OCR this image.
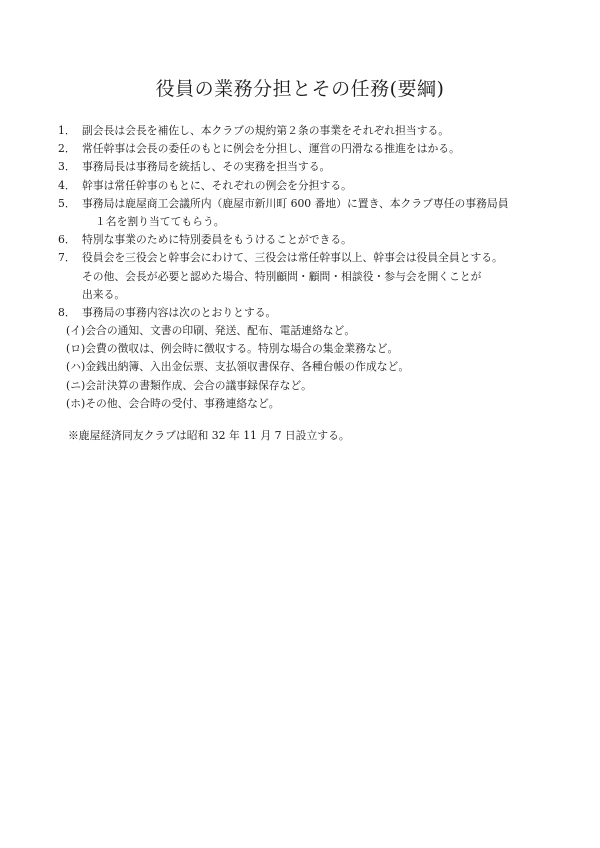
役員の業務分担とその任務(要綱)
1． 副会長は会長を補佐し、本クラブの規約第２条の事業をそれぞれ担当する。
2． 常任幹事は会長の委任のもとに例会を分担し、運営の円滑なる推進をはかる。
3． 事務局長は事務局を統括し、その実務を担当する。
4． 幹事は常任幹事のもとに、それぞれの例会を分担する。
5． 事務局は鹿屋商工会議所内（鹿屋市新川町 600 番地）に置き、本クラブ専任の事務局員
１名を割り当ててもらう。
6． 特別な事業のために特別委員をもうけることができる。
7． 役員会を三役会と幹事会にわけて、三役会は常任幹事以上、幹事会は役員全員とする。
その他、会長が必要と認めた場合、特別顧問・顧問・相談役・参与会を開くことが
出来る。
8． 事務局の事務内容は次のとおりとする。
(イ)会合の通知、文書の印刷、発送、配布、電話連絡など。
(ロ)会費の徴収は、例会時に徴収する。特別な場合の集金業務など。
(ハ)金銭出納簿、入出金伝票、支払領収書保存、各種台帳の作成など。
(ニ)会計決算の書類作成、会合の議事録保存など。
(ホ)その他、会合時の受付、事務連絡など。
※鹿屋経済同友クラブは昭和 32 年 11 月 7 日設立する。
